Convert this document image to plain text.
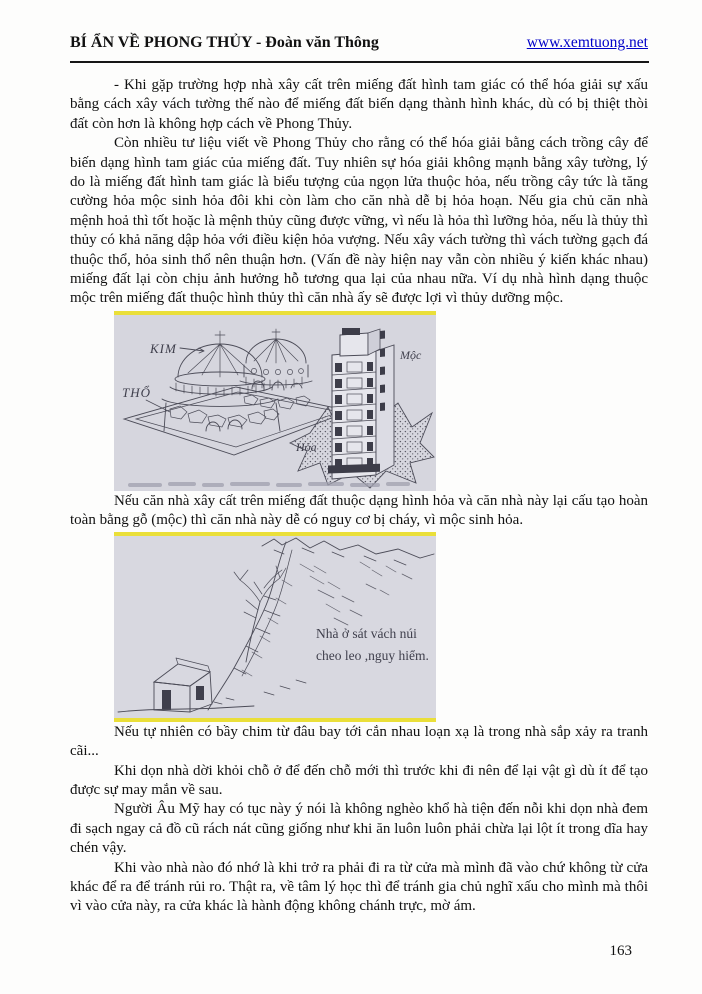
BÍ ẨN VỀ PHONG THỦY - Đoàn văn Thông	www.xemtuong.net

- Khi gặp trường hợp nhà xây cất trên miếng đất hình tam giác có thể hóa giải sự xấu bằng cách xây vách tường thế nào để miếng đất biến dạng thành hình khác, dù có bị thiệt thòi đất còn hơn là không hợp cách về Phong Thủy.

Còn nhiều tư liệu viết về Phong Thủy cho rằng có thể hóa giải bằng cách trồng cây để biến dạng hình tam giác của miếng đất. Tuy nhiên sự hóa giải không mạnh bằng xây tường, lý do là miếng đất hình tam giác là biểu tượng của ngọn lửa thuộc hỏa, nếu trồng cây tức là tăng cường hỏa mộc sinh hỏa đôi khi còn làm cho căn nhà dễ bị hỏa hoạn. Nếu gia chủ căn nhà mệnh hoả thì tốt hoặc là mệnh thủy cũng được vững, vì nếu là hỏa thì lưỡng hỏa, nếu là thủy thì thủy có khả năng dập hỏa với điều kiện hỏa vượng. Nếu xây vách tường thì vách tường gạch đá thuộc thổ, hỏa sinh thổ nên thuận hơn. (Vấn đề này hiện nay vẫn còn nhiều ý kiến khác nhau) miếng đất lại còn chịu ảnh hưởng hỗ tương qua lại của nhau nữa. Ví dụ nhà hình dạng thuộc mộc trên miếng đất thuộc hình thủy thì căn nhà ấy sẽ được lợi vì thủy dưỡng mộc.

KIM
THỔ
Mộc
Hỏa

Nếu căn nhà xây cất trên miếng đất thuộc dạng hình hỏa và căn nhà này lại cấu tạo hoàn toàn bằng gỗ (mộc) thì căn nhà này dễ có nguy cơ bị cháy, vì mộc sinh hỏa.

Nhà ở sát vách núi
cheo leo ,nguy hiểm.

Nếu tự nhiên có bầy chim từ đâu bay tới cắn nhau loạn xạ là trong nhà sắp xảy ra tranh cãi...

Khi dọn nhà dời khỏi chỗ ở để đến chỗ mới thì trước khi đi nên để lại vật gì dù ít để tạo được sự may mắn về sau.

Người Âu Mỹ hay có tục này ý nói là không nghèo khổ hà tiện đến nỗi khi dọn nhà đem đi sạch ngay cả đồ cũ rách nát cũng giống như khi ăn luôn luôn phải chừa lại lột ít trong dĩa hay chén vậy.

Khi vào nhà nào đó nhớ là khi trở ra phải đi ra từ cửa mà mình đã vào chứ không từ cửa khác để ra để tránh rủi ro. Thật ra, về tâm lý học thì để tránh gia chủ nghĩ xấu cho mình mà thôi vì vào cửa này, ra cửa khác là hành động không chánh trực, mờ ám.

163
